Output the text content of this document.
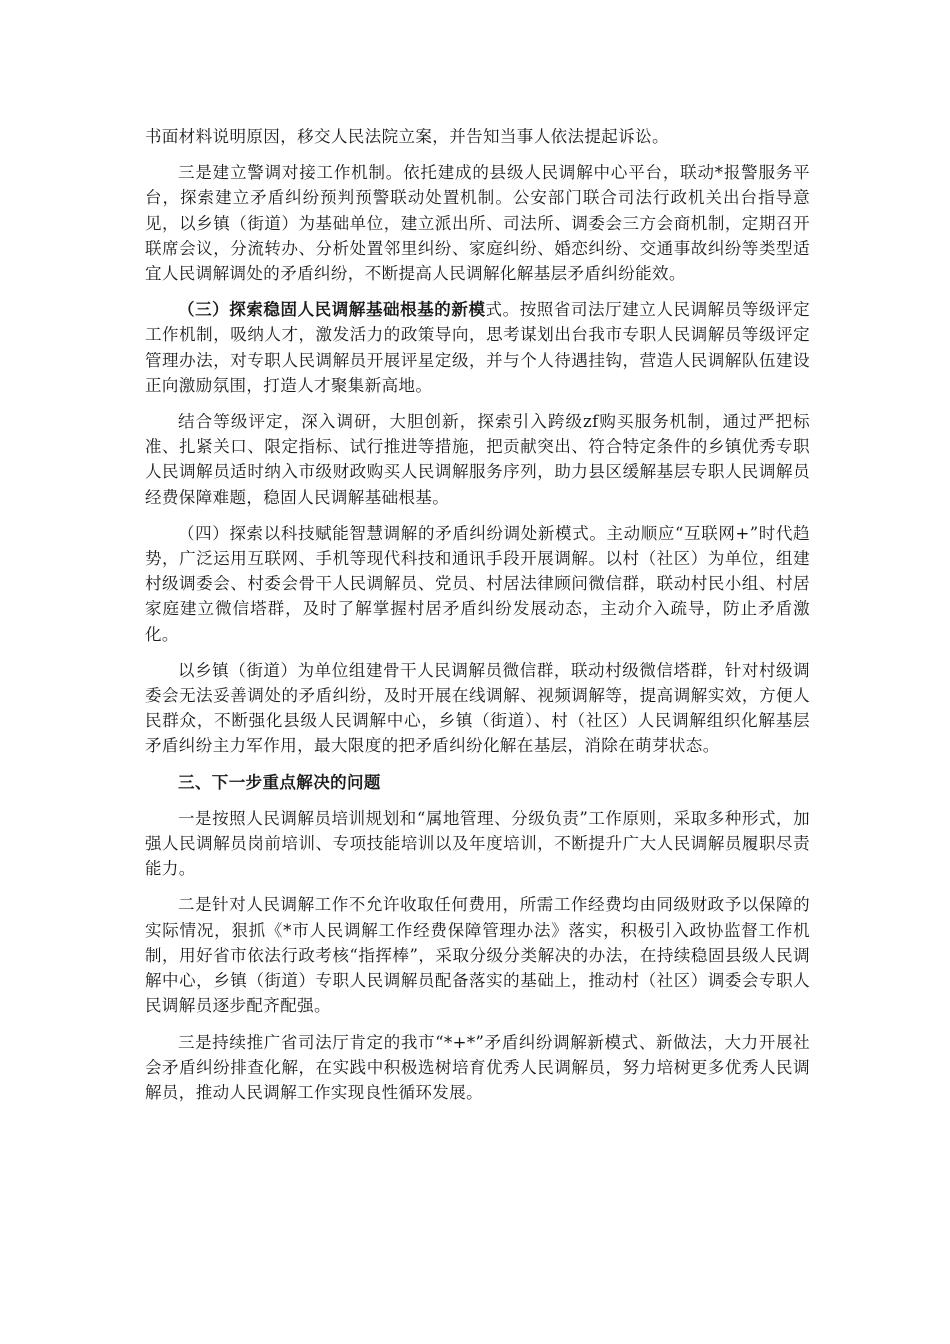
书面材料说明原因，移交人民法院立案，并告知当事人依法提起诉讼。

三是建立警调对接工作机制。依托建成的县级人民调解中心平台，联动*报警服务平台，探索建立矛盾纠纷预判预警联动处置机制。公安部门联合司法行政机关出台指导意见，以乡镇（街道）为基础单位，建立派出所、司法所、调委会三方会商机制，定期召开联席会议，分流转办、分析处置邻里纠纷、家庭纠纷、婚恋纠纷、交通事故纠纷等类型适宜人民调解调处的矛盾纠纷，不断提高人民调解化解基层矛盾纠纷能效。

（三）探索稳固人民调解基础根基的新模式。按照省司法厅建立人民调解员等级评定工作机制，吸纳人才，激发活力的政策导向，思考谋划出台我市专职人民调解员等级评定管理办法，对专职人民调解员开展评星定级，并与个人待遇挂钩，营造人民调解队伍建设正向激励氛围，打造人才聚集新高地。

结合等级评定，深入调研，大胆创新，探索引入跨级zf购买服务机制，通过严把标准、扎紧关口、限定指标、试行推进等措施，把贡献突出、符合特定条件的乡镇优秀专职人民调解员适时纳入市级财政购买人民调解服务序列，助力县区缓解基层专职人民调解员经费保障难题，稳固人民调解基础根基。

（四）探索以科技赋能智慧调解的矛盾纠纷调处新模式。主动顺应“互联网+”时代趋势，广泛运用互联网、手机等现代科技和通讯手段开展调解。以村（社区）为单位，组建村级调委会、村委会骨干人民调解员、党员、村居法律顾问微信群，联动村民小组、村居家庭建立微信塔群，及时了解掌握村居矛盾纠纷发展动态，主动介入疏导，防止矛盾激化。

以乡镇（街道）为单位组建骨干人民调解员微信群，联动村级微信塔群，针对村级调委会无法妥善调处的矛盾纠纷，及时开展在线调解、视频调解等，提高调解实效，方便人民群众，不断强化县级人民调解中心，乡镇（街道）、村（社区）人民调解组织化解基层矛盾纠纷主力军作用，最大限度的把矛盾纠纷化解在基层，消除在萌芽状态。

三、下一步重点解决的问题

一是按照人民调解员培训规划和“属地管理、分级负责”工作原则，采取多种形式，加强人民调解员岗前培训、专项技能培训以及年度培训，不断提升广大人民调解员履职尽责能力。

二是针对人民调解工作不允许收取任何费用，所需工作经费均由同级财政予以保障的实际情况，狠抓《*市人民调解工作经费保障管理办法》落实，积极引入政协监督工作机制，用好省市依法行政考核“指挥棒”，采取分级分类解决的办法，在持续稳固县级人民调解中心，乡镇（街道）专职人民调解员配备落实的基础上，推动村（社区）调委会专职人民调解员逐步配齐配强。

三是持续推广省司法厅肯定的我市“*+*”矛盾纠纷调解新模式、新做法，大力开展社会矛盾纠纷排查化解，在实践中积极选树培育优秀人民调解员，努力培树更多优秀人民调解员，推动人民调解工作实现良性循环发展。
